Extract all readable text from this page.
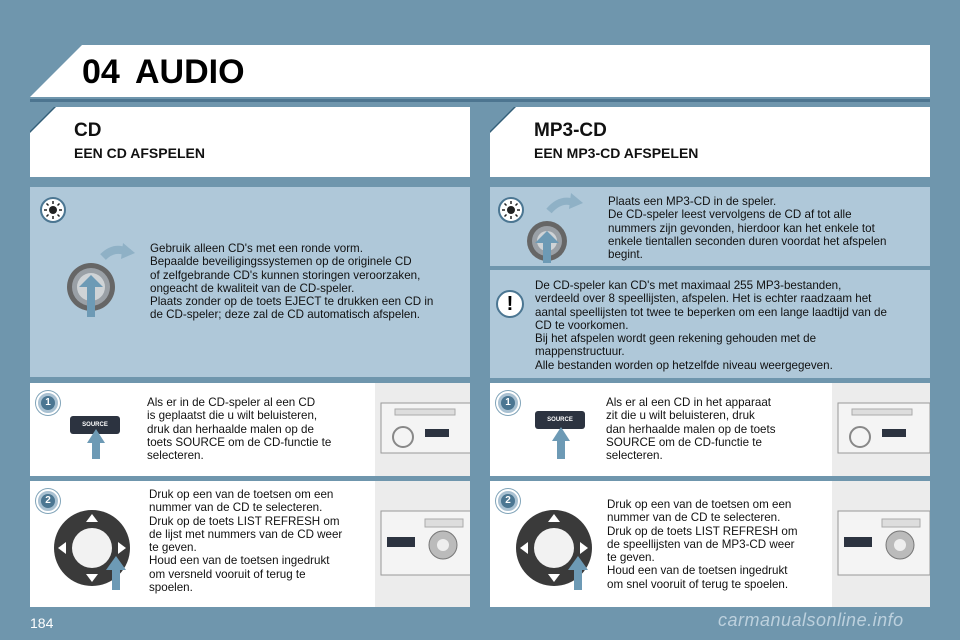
04 AUDIO
CD
EEN CD AFSPELEN
MP3-CD
EEN MP3-CD AFSPELEN
Gebruik alleen CD's met een ronde vorm.
Bepaalde beveiligingssystemen op de originele CD
of zelfgebrande CD's kunnen storingen veroorzaken,
ongeacht de kwaliteit van de CD-speler.
Plaats zonder op de toets EJECT te drukken een CD in
de CD-speler; deze zal de CD automatisch afspelen.
1
SOURCE
Als er in de CD-speler al een CD
is geplaatst die u wilt beluisteren,
druk dan herhaalde malen op de
toets SOURCE om de CD-functie te
selecteren.
2	Druk op een van de toetsen om een
nummer van de CD te selecteren.
Druk op de toets LIST REFRESH om
de lijst met nummers van de CD weer
te geven.
Houd een van de toetsen ingedrukt
om versneld vooruit of terug te
spoelen.
Plaats een MP3-CD in de speler.
De CD-speler leest vervolgens de CD af tot alle
nummers zijn gevonden, hierdoor kan het enkele tot
enkele tientallen seconden duren voordat het afspelen
begint.
!
De CD-speler kan CD's met maximaal 255 MP3-bestanden,
verdeeld over 8 speellijsten, afspelen. Het is echter raadzaam het
aantal speellijsten tot twee te beperken om een lange laadtijd van de
CD te voorkomen.
Bij het afspelen wordt geen rekening gehouden met de
mappenstructuur.
Alle bestanden worden op hetzelfde niveau weergegeven.
1
SOURCE
Als er al een CD in het apparaat
zit die u wilt beluisteren, druk
dan herhaalde malen op de toets
SOURCE om de CD-functie te
selecteren.
2	Druk op een van de toetsen om een
nummer van de CD te selecteren.
Druk op de toets LIST REFRESH om
de speellijsten van de MP3-CD weer
te geven.
Houd een van de toetsen ingedrukt
om snel vooruit of terug te spoelen.
184	carmanualsonline.info
